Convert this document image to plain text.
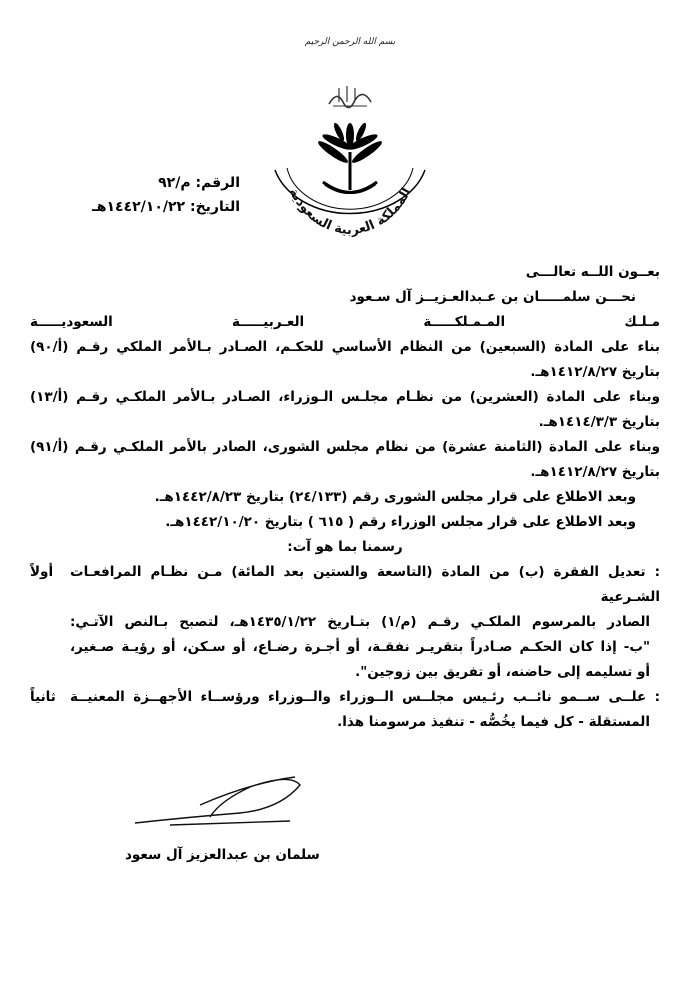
بسم الله الرحمن الرحيم
المملكة العربية السعودية
الرقم: م/٩٢
التاريخ: ١٤٤٢/١٠/٢٢هـ
بعــون اللــه تعالـــى
نحـــن سلمـــــان بن عـبدالعـزيــز آل سـعود
مـلـك المـمـلكـــــة العـربيـــــة السعوديـــــة
بناء على المادة (السبعين) من النظام الأساسي للحكـم، الصـادر بـالأمر الملكي رقـم (أ/٩٠)
بتاريخ ١٤١٢/٨/٢٧هـ.
وبناء على المادة (العشرين) من نظـام مجلـس الـوزراء، الصـادر بـالأمر الملكـي رقـم (أ/١٣)
بتاريخ ١٤١٤/٣/٣هـ.
وبناء على المادة (الثامنة عشرة) من نظام مجلس الشورى، الصادر بالأمر الملكـي رقـم (أ/٩١)
بتاريخ ١٤١٢/٨/٢٧هـ.
وبعد الاطلاع على قرار مجلس الشورى رقم (٢٤/١٣٣) بتاريخ ١٤٤٢/٨/٢٣هـ.
وبعد الاطلاع على قرار مجلس الوزراء رقم ( ٦١٥ ) بتاريخ ١٤٤٢/١٠/٢٠هـ.
رسمنا بما هو آت:
أولاً	: تعديل الفقرة (ب) من المادة (التاسعة والستين بعد المائة) مـن نظـام المرافعـات الشـرعية
الصادر بالمرسوم الملكـي رقـم (م/١) بتـاريخ ١٤٣٥/١/٢٢هـ، لتصبح بـالنص الآتـي:
"ب- إذا كان الحكـم صـادراً بتقريـر نفقـة، أو أجـرة رضـاع، أو سـكن، أو رؤيـة صـغير،
أو تسليمه إلى حاضنه، أو تفريق بين زوجين".
ثانياً	: علــى ســمو نائــب رئـيس مجلــس الــوزراء والــوزراء ورؤســاء الأجهــزة المعنيــة
المستقلة - كل فيما يخُصُّه - تنفيذ مرسومنا هذا.
سلمان بن عبدالعزيز آل سعود
